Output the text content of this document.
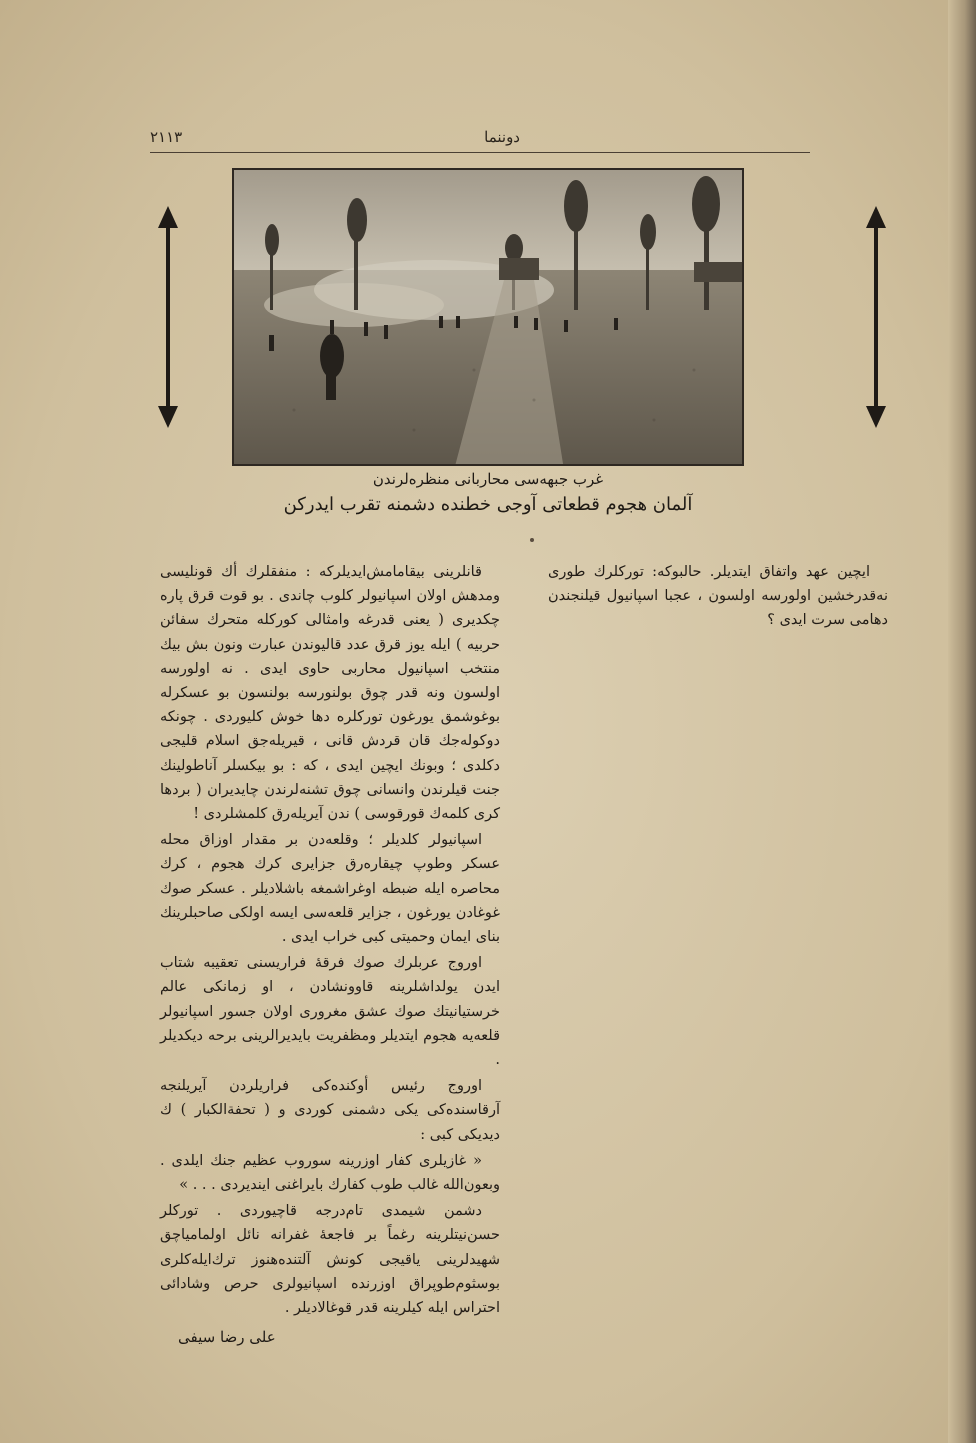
دوننما
۲۱۱۳
غرب جبهه‌سی محاربانی منظره‌لرندن
آلمان هجوم قطعاتی آوجی خطنده دشمنه تقرب ایدرکن

ایچین عهد واتفاق ایتدیلر. حالبوکه: تورکلرك طوری نه‌قدرخشین اولورسه اولسون ، عجبا اسپانیول قیلنجندن دهامی سرت ایدی ؟

قانلرینی بیقامامش‌ایدیلرکه : منفقلرك أك قونلیسی ومدهش اولان اسپانیولر کلوب چاندی . بو قوت قرق پاره چکدیری ( یعنی قدرغه وامثالی کورکله متحرك سفائن حربیه ) ایله یوز قرق عدد قالیوندن عبارت ونون بش بیك منتخب اسپانیول محاربی حاوی ایدی . نه اولورسه اولسون ونه قدر چوق بولنورسه بولنسون بو عسکرله بوغوشمق یورغون تورکلره دها خوش کلیوردی . چونکه دوکوله‌جك قان قردش قانی ، قیریله‌جق اسلام قلیجی دکلدی ؛ وبونك ایچین ایدی ، که : بو بیکسلر آناطولینك جنت قیلرندن وانسانی چوق تشنه‌لرندن چایدیران ( بردها کری کلمه‌ك قورقوسی ) ندن آیریله‌رق کلمشلردی !

اسپانیولر کلدیلر ؛ وقلعه‌دن بر مقدار اوزاق محله عسکر وطوپ چیقاره‌رق جزایری کرك هجوم ، کرك محاصره ایله ضبطه اوغراشمغه باشلادیلر . عسکر صوك غوغادن یورغون ، جزایر قلعه‌سی ایسه اولکی صاحبلرینك بنای ایمان وحمیتی کبی خراب ایدی .

اوروج عربلرك صوك فرقهٔ فراریسنی تعقیبه شتاب ایدن یولداشلرینه قاوونشادن ، او زمانکی عالم خرستیانیتك صوك عشق مغروری اولان جسور اسپانیولر قلعه‌یه هجوم ایتدیلر ومظفریت بایدیرالرینی برحه دیکدیلر .

اوروج رئیس أوکنده‌کی فراریلردن آیریلنجه آرقاسنده‌کی یکی دشمنی کوردی و ( تحفةالکبار ) ك دیدیکی کبی :

« غازیلری کفار اوزرینه سوروب عظیم جنك ایلدی . وبعون‌الله غالب طوب کفارك بایراغنی ایندیردی . . . »

دشمن شیمدی تام‌درجه قاچیوردی . تورکلر حسن‌نیتلرینه رغماً بر فاجعهٔ غفرانه نائل اولمامیاچق شهیدلرینی یاقیجی کونش آلتنده‌هنوز ترك‌ایله‌کلری بوسثوم‌طوپراق اوزرنده اسپانیولری حرص وشادائی احتراس ایله کیلرینه قدر قوغالادیلر .

علی رضا سیفی
